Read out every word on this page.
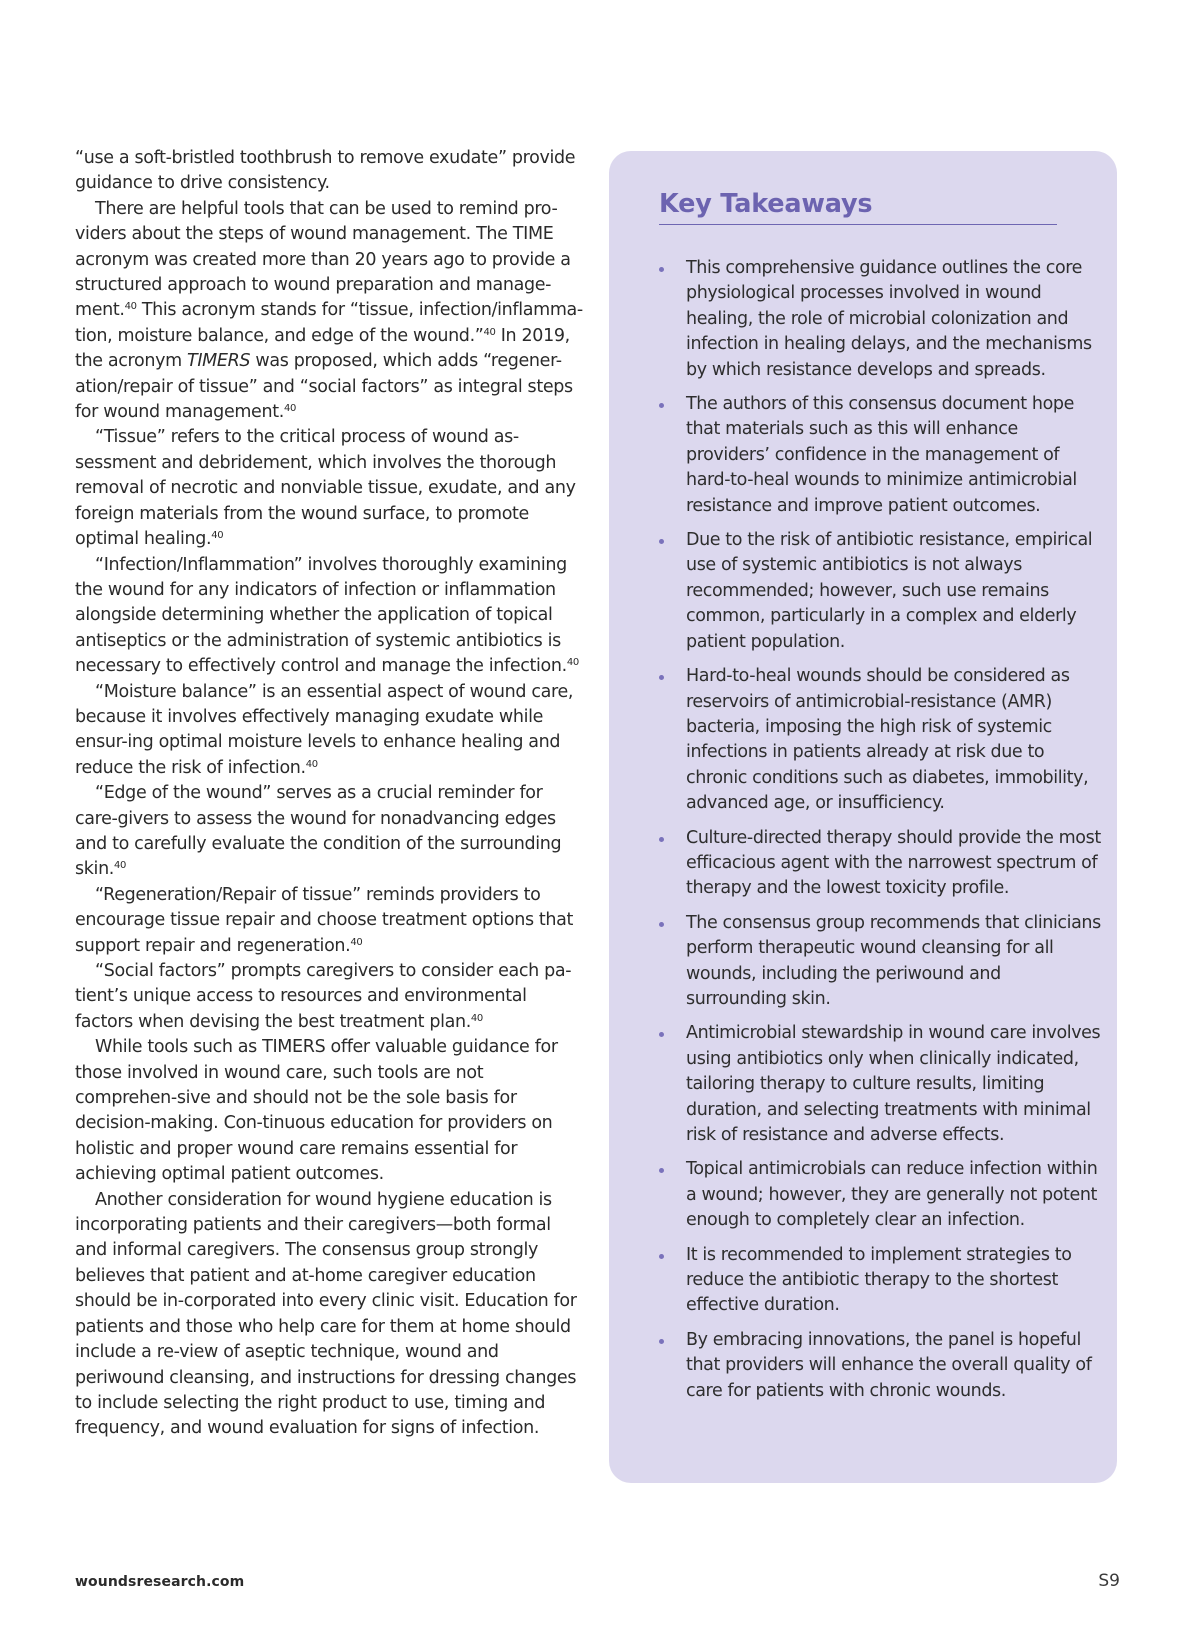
“use a soft-bristled toothbrush to remove exudate” provide guidance to drive consistency.

There are helpful tools that can be used to remind pro-viders about the steps of wound management. The TIME acronym was created more than 20 years ago to provide a structured approach to wound preparation and manage-ment.$^{40}$ This acronym stands for “tissue, infection/inflamma-tion, moisture balance, and edge of the wound.”$^{40}$ In 2019, the acronym TIMERS was proposed, which adds “regener-ation/repair of tissue” and “social factors” as integral steps for wound management.$^{40}$

“Tissue” refers to the critical process of wound as-sessment and debridement, which involves the thorough removal of necrotic and nonviable tissue, exudate, and any foreign materials from the wound surface, to promote optimal healing.$^{40}$

“Infection/Inflammation” involves thoroughly examining the wound for any indicators of infection or inflammation alongside determining whether the application of topical antiseptics or the administration of systemic antibiotics is necessary to effectively control and manage the infection.$^{40}$

“Moisture balance” is an essential aspect of wound care, because it involves effectively managing exudate while ensur-ing optimal moisture levels to enhance healing and reduce the risk of infection.$^{40}$

“Edge of the wound” serves as a crucial reminder for care-givers to assess the wound for nonadvancing edges and to carefully evaluate the condition of the surrounding skin.$^{40}$

“Regeneration/Repair of tissue” reminds providers to encourage tissue repair and choose treatment options that support repair and regeneration.$^{40}$

“Social factors” prompts caregivers to consider each pa-tient’s unique access to resources and environmental factors when devising the best treatment plan.$^{40}$

While tools such as TIMERS offer valuable guidance for those involved in wound care, such tools are not comprehen-sive and should not be the sole basis for decision-making. Con-tinuous education for providers on holistic and proper wound care remains essential for achieving optimal patient outcomes.

Another consideration for wound hygiene education is incorporating patients and their caregivers—both formal and informal caregivers. The consensus group strongly believes that patient and at-home caregiver education should be in-corporated into every clinic visit. Education for patients and those who help care for them at home should include a re-view of aseptic technique, wound and periwound cleansing, and instructions for dressing changes to include selecting the right product to use, timing and frequency, and wound evaluation for signs of infection.

Key Takeaways
This comprehensive guidance outlines the core physiological processes involved in wound healing, the role of microbial colonization and infection in healing delays, and the mechanisms by which resistance develops and spreads.
The authors of this consensus document hope that materials such as this will enhance providers’ confidence in the management of hard-to-heal wounds to minimize antimicrobial resistance and improve patient outcomes.
Due to the risk of antibiotic resistance, empirical use of systemic antibiotics is not always recommended; however, such use remains common, particularly in a complex and elderly patient population.
Hard-to-heal wounds should be considered as reservoirs of antimicrobial-resistance (AMR) bacteria, imposing the high risk of systemic infections in patients already at risk due to chronic conditions such as diabetes, immobility, advanced age, or insufficiency.
Culture-directed therapy should provide the most efficacious agent with the narrowest spectrum of therapy and the lowest toxicity profile.
The consensus group recommends that clinicians perform therapeutic wound cleansing for all wounds, including the periwound and surrounding skin.
Antimicrobial stewardship in wound care involves using antibiotics only when clinically indicated, tailoring therapy to culture results, limiting duration, and selecting treatments with minimal risk of resistance and adverse effects.
Topical antimicrobials can reduce infection within a wound; however, they are generally not potent enough to completely clear an infection.
It is recommended to implement strategies to reduce the antibiotic therapy to the shortest effective duration.
By embracing innovations, the panel is hopeful that providers will enhance the overall quality of care for patients with chronic wounds.
woundsresearch.com	S9
